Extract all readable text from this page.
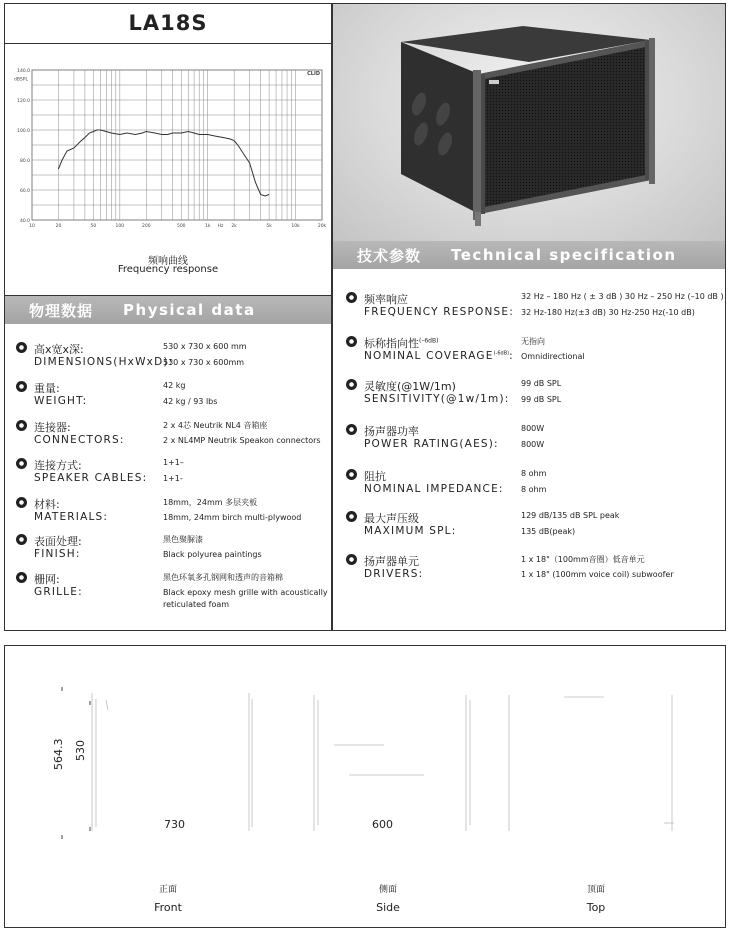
LA18S
140.0
120.0
100.0
80.0
60.0
40.0
dBSPL
CLID
10	20	50	100	200	500	1k Hz 2k	5k	10k	20k
频响曲线
Frequency response
技术参数 Technical specification
物理数据 Physical data
高x宽x深:
DIMENSIONS(HxWxD):
530 x 730 x 600 mm
530 x 730 x 600mm
重量:
WEIGHT:
42 kg
42 kg / 93 lbs
连接器:
CONNECTORS:
2 x 4芯 Neutrik NL4 音箱座
2 x NL4MP Neutrik Speakon connectors
连接方式:
SPEAKER CABLES:
1+1–
1+1-
材料:
MATERIALS:
18mm，24mm 多层夹板
18mm, 24mm birch multi-plywood
表面处理:
FINISH:
黑色聚脲漆
Black polyurea paintings
栅网:
GRILLE:
黑色环氧多孔钢网和透声的音箱棉
Black epoxy mesh grille with acoustically
reticulated foam
频率响应
FREQUENCY RESPONSE:
32 Hz – 180 Hz ( ± 3 dB ) 30 Hz – 250 Hz (–10 dB )
32 Hz-180 Hz(±3 dB) 30 Hz-250 Hz(-10 dB)
标称指向性$^{(-6dB)}$
NOMINAL $COVERAGE^{(-6dB)}$:
无指向
Omnidirectional
灵敏度(@1W/1m)
SENSITIVITY(@1w/1m):
99 dB SPL
99 dB SPL
扬声器功率
POWER RATING(AES):
800W
800W
阻抗
NOMINAL IMPEDANCE:
8 ohm
8 ohm
最大声压级
MAXIMUM SPL:
129 dB/135 dB SPL peak
135 dB(peak)
扬声器单元
DRIVERS:
1 x 18"（100mm音圈）低音单元
1 x 18" (100mm voice coil) subwoofer
564.3 530
730	600
正面
Front
侧面
Side
顶面
Top
